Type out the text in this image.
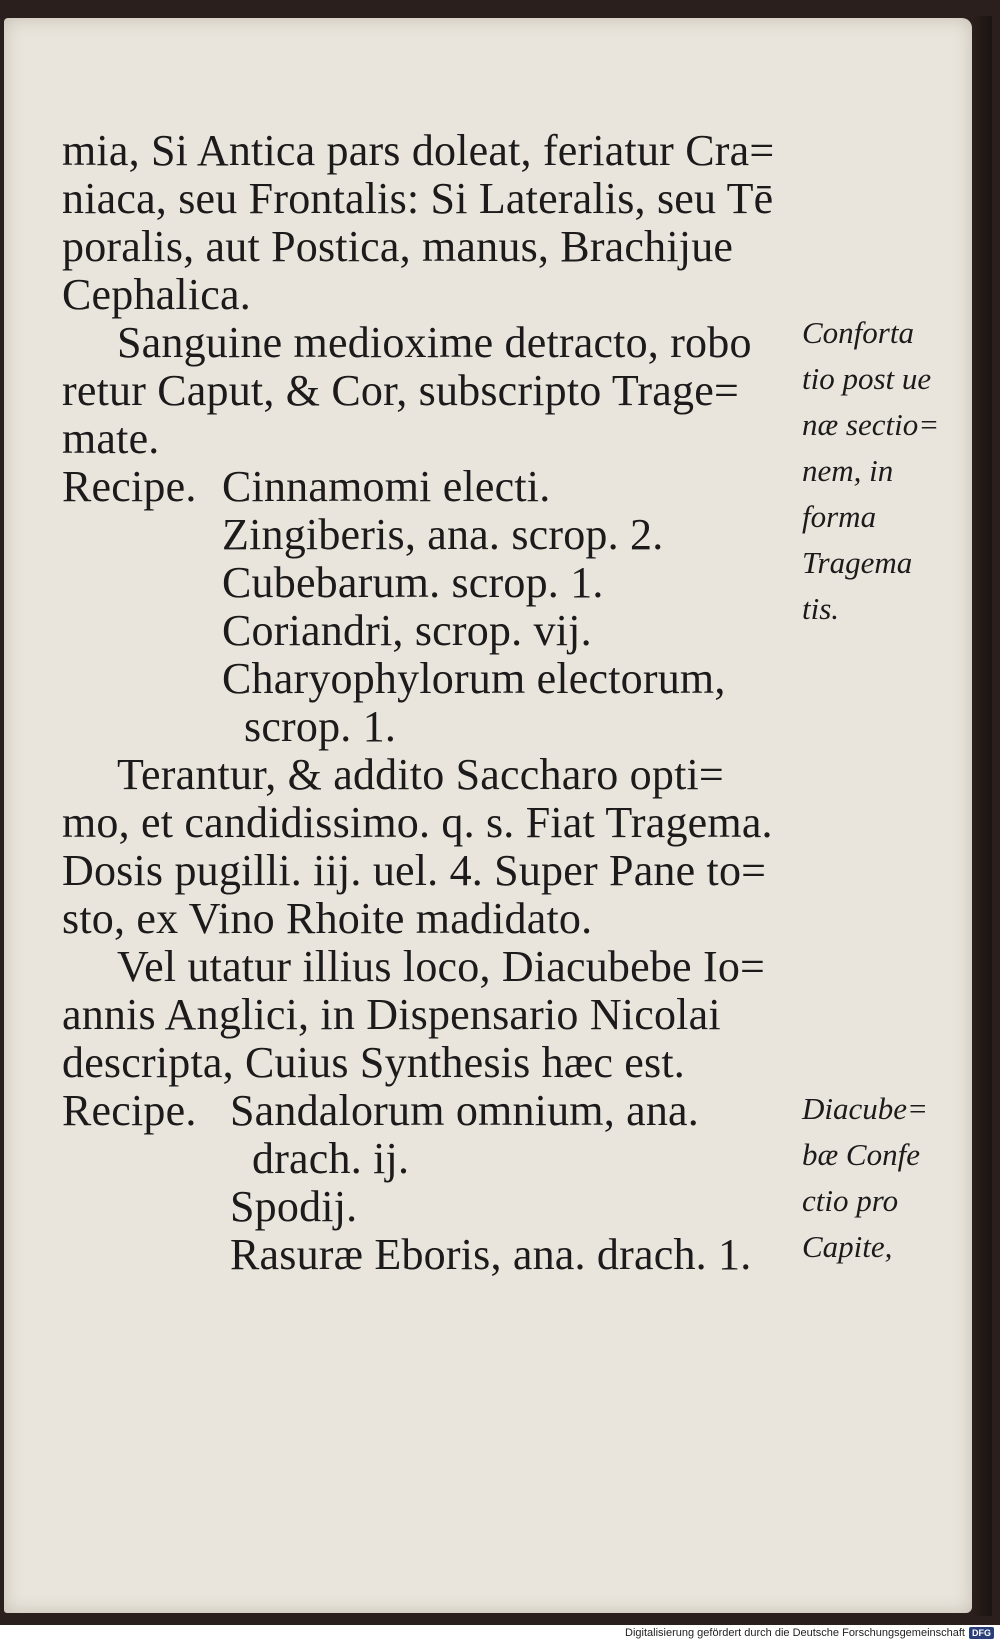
mia, Si Antica pars doleat, feriatur Cra=
niaca, seu Frontalis: Si Lateralis, seu Tē
poralis, aut Postica, manus, Brachijue
Cephalica.
Sanguine medioxime detracto, robo
retur Caput, & Cor, subscripto Trage=
mate.
Recipe. Cinnamomi electi.
Zingiberis, ana. scrop. 2.
Cubebarum. scrop. 1.
Coriandri, scrop. vij.
Charyophylorum electorum,
scrop. 1.
Terantur, & addito Saccharo opti=
mo, et candidissimo. q. s. Fiat Tragema.
Dosis pugilli. iij. uel. 4. Super Pane to=
sto, ex Vino Rhoite madidato.
Vel utatur illius loco, Diacubebe Io=
annis Anglici, in Dispensario Nicolai
descripta, Cuius Synthesis hæc est.
Recipe. Sandalorum omnium, ana.
drach. ij.
Spodij.
Rasuræ Eboris, ana. drach. 1.
Conforta
tio post ue
næ sectio=
nem, in
forma
Tragema
tis.
Diacube=
bæ Confe
ctio pro
Capite,
Digitalisierung gefördert durch die Deutsche Forschungsgemeinschaft DFG
